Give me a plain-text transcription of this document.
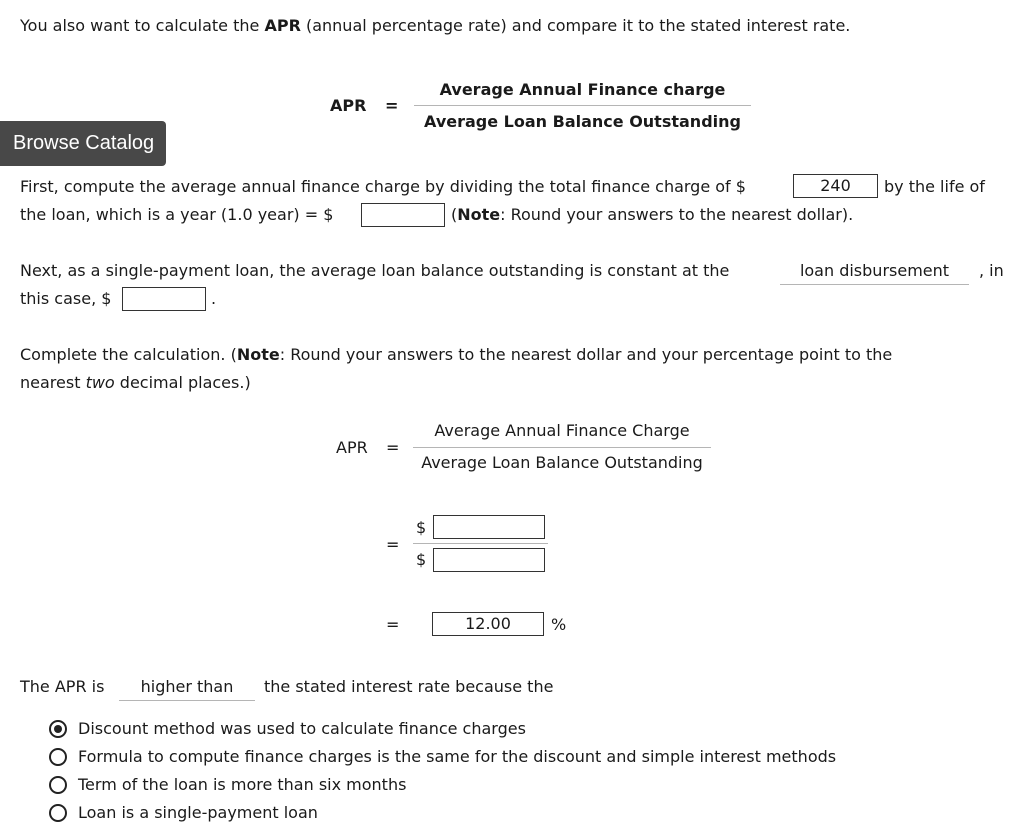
You also want to calculate the APR (annual percentage rate) and compare it to the stated interest rate.
APR =
Average Annual Finance charge
Average Loan Balance Outstanding
Browse Catalog
First, compute the average annual finance charge by dividing the total finance charge of $	240	by the life of
the loan, which is a year (1.0 year) = $	(Note: Round your answers to the nearest dollar).
Next, as a single-payment loan, the average loan balance outstanding is constant at the	loan disbursement	, in
this case, $	.
Complete the calculation. (Note: Round your answers to the nearest dollar and your percentage point to the
nearest two decimal places.)
APR =
Average Annual Finance Charge
Average Loan Balance Outstanding
=
$
$
=	12.00	%
The APR is	higher than	the stated interest rate because the
Discount method was used to calculate finance charges
Formula to compute finance charges is the same for the discount and simple interest methods
Term of the loan is more than six months
Loan is a single-payment loan
